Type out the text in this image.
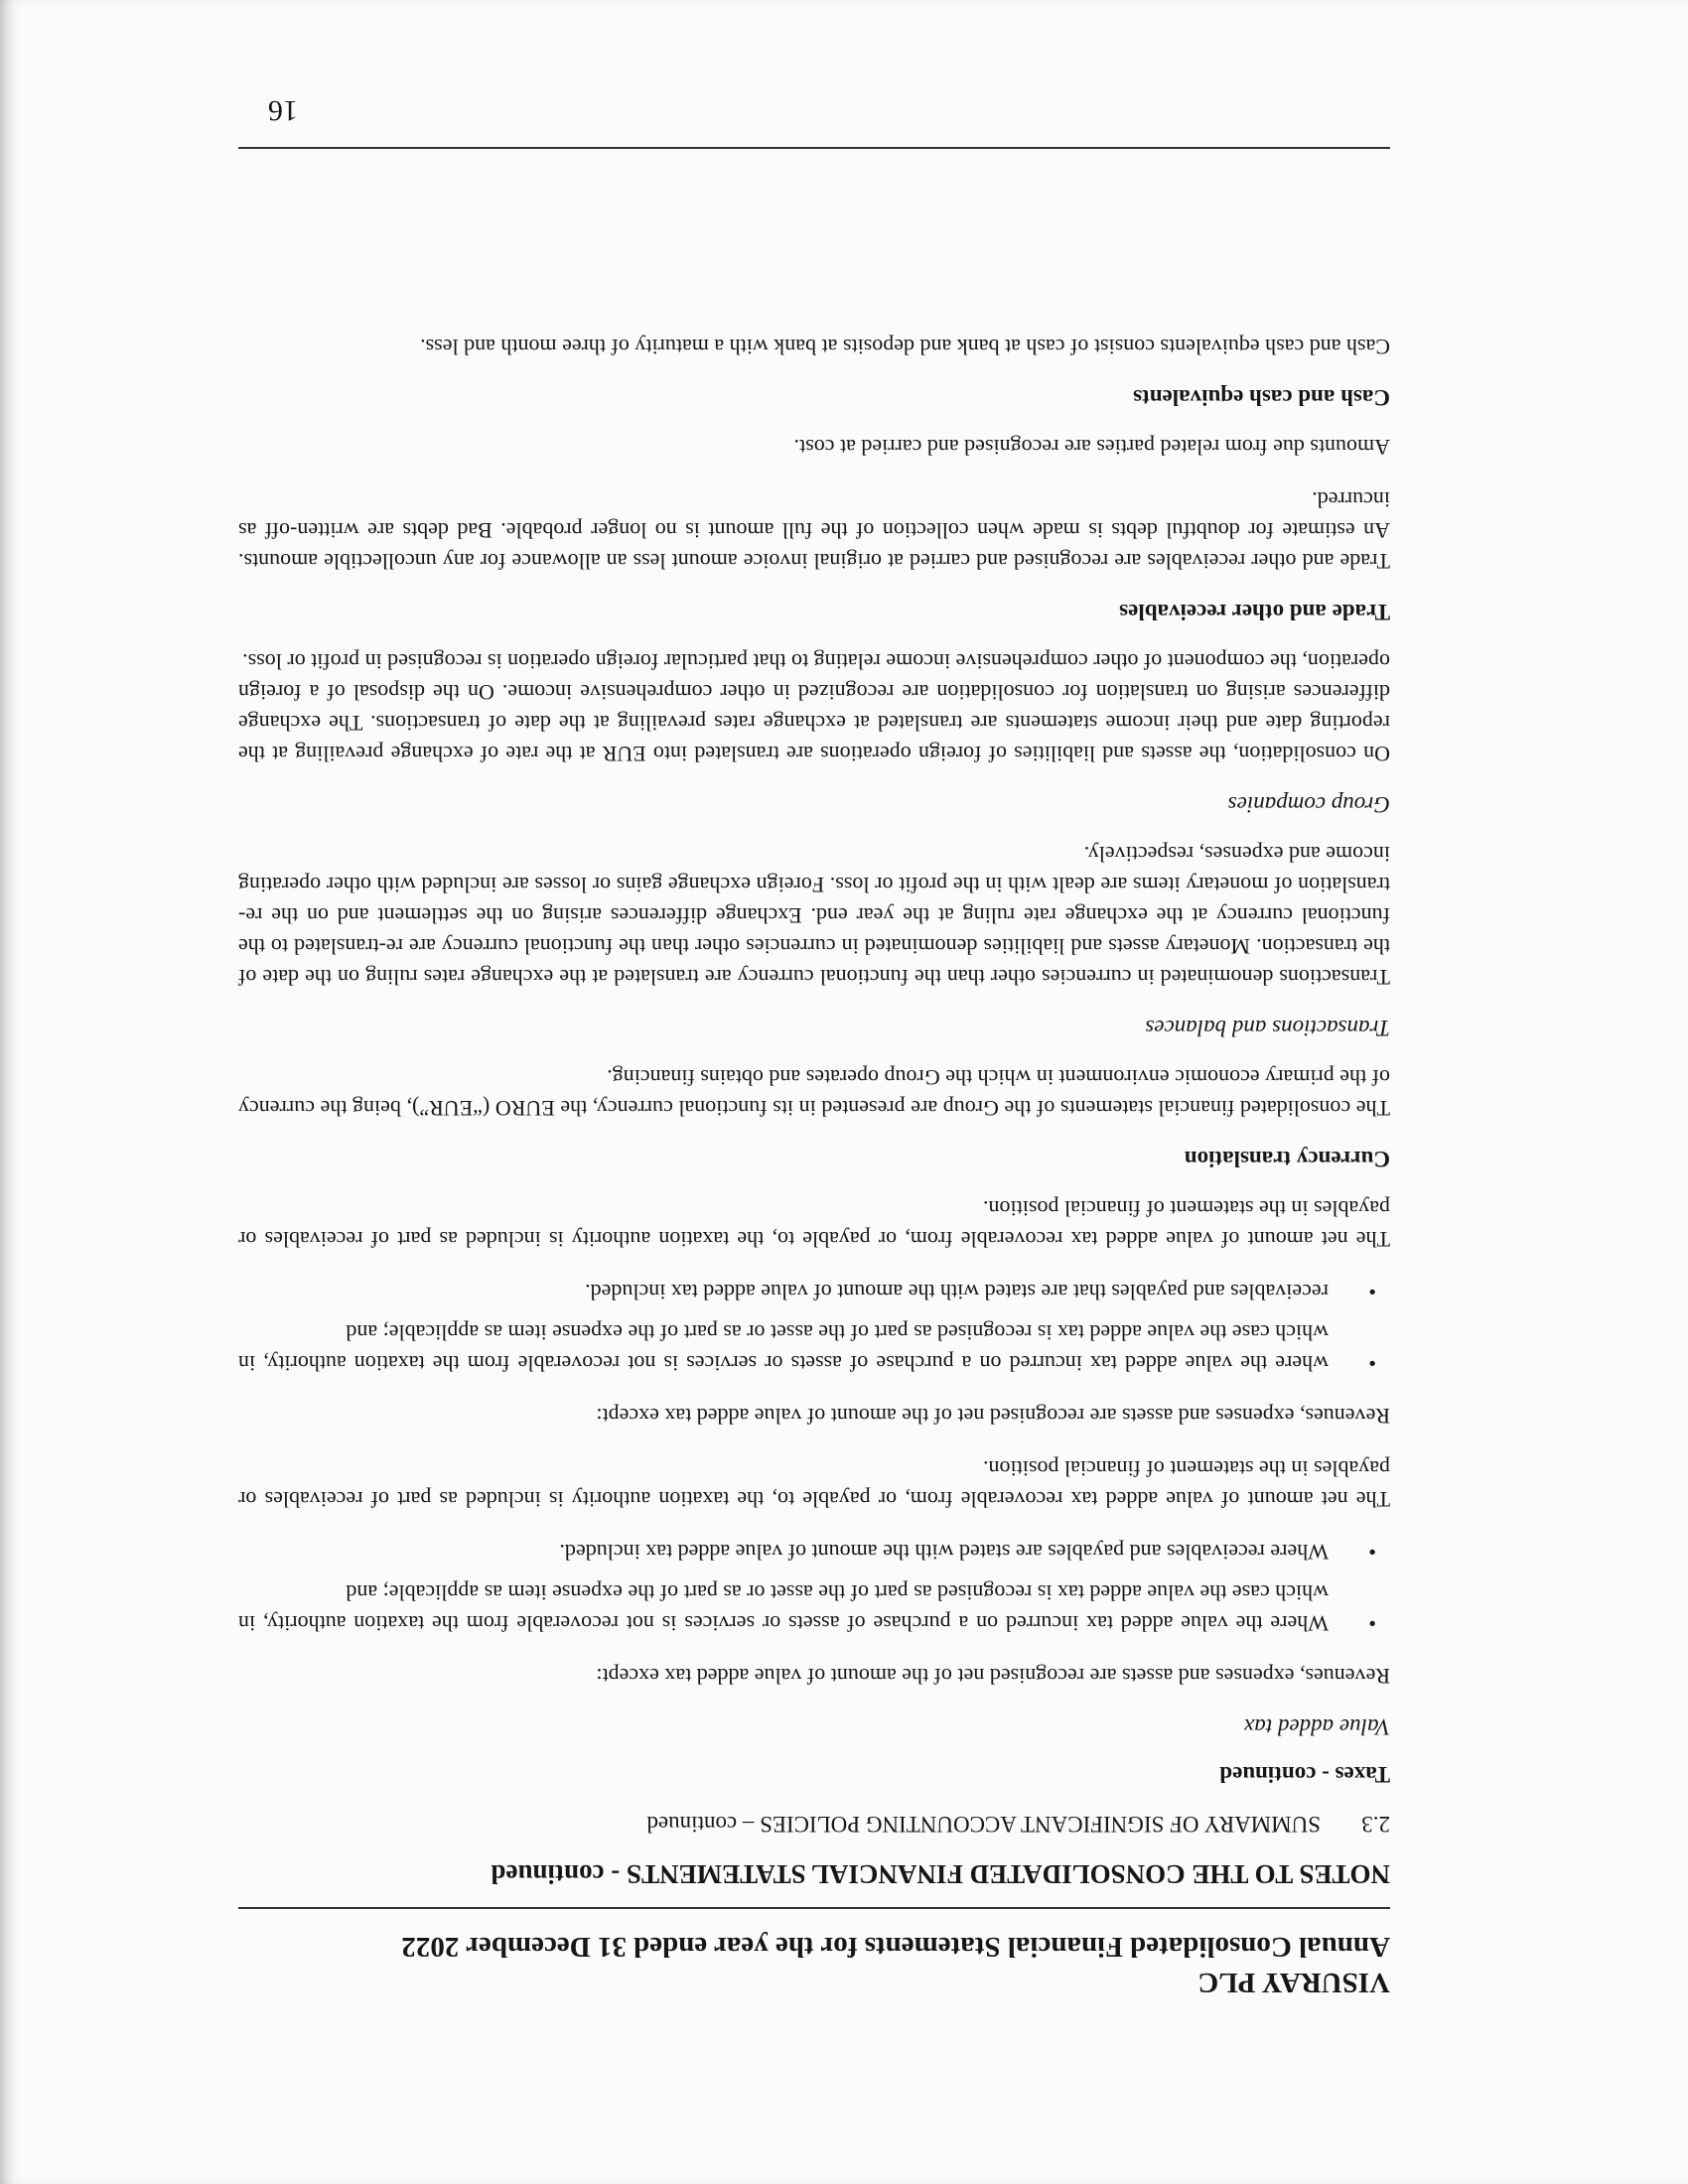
VISURAY PLC

Annual Consolidated Financial Statements for the year ended 31 December 2022

NOTES TO THE CONSOLIDATED FINANCIAL STATEMENTS - continued

2.3
SUMMARY OF SIGNIFICANT ACCOUNTING POLICIES – continued

Taxes - continued

Value added tax

Revenues, expenses and assets are recognised net of the amount of value added tax except:

•
Where the value added tax incurred on a purchase of assets or services is not recoverable from the taxation authority, in which case the value added tax is recognised as part of the asset or as part of the expense item as applicable; and
•
Where receivables and payables are stated with the amount of value added tax included.

The net amount of value added tax recoverable from, or payable to, the taxation authority is included as part of receivables or payables in the statement of financial position.

Revenues, expenses and assets are recognised net of the amount of value added tax except:

•
where the value added tax incurred on a purchase of assets or services is not recoverable from the taxation authority, in which case the value added tax is recognised as part of the asset or as part of the expense item as applicable; and
•
receivables and payables that are stated with the amount of value added tax included.

The net amount of value added tax recoverable from, or payable to, the taxation authority is included as part of receivables or payables in the statement of financial position.

Currency translation

The consolidated financial statements of the Group are presented in its functional currency, the EURO (“EUR”), being the currency of the primary economic environment in which the Group operates and obtains financing.

Transactions and balances

Transactions denominated in currencies other than the functional currency are translated at the exchange rates ruling on the date of the transaction. Monetary assets and liabilities denominated in currencies other than the functional currency are re-translated to the functional currency at the exchange rate ruling at the year end. Exchange differences arising on the settlement and on the re-translation of monetary items are dealt with in the profit or loss. Foreign exchange gains or losses are included with other operating income and expenses, respectively.

Group companies

On consolidation, the assets and liabilities of foreign operations are translated into EUR at the rate of exchange prevailing at the reporting date and their income statements are translated at exchange rates prevailing at the date of transactions. The exchange differences arising on translation for consolidation are recognized in other comprehensive income. On the disposal of a foreign operation, the component of other comprehensive income relating to that particular foreign operation is recognised in profit or loss.

Trade and other receivables

Trade and other receivables are recognised and carried at original invoice amount less an allowance for any uncollectible amounts. An estimate for doubtful debts is made when collection of the full amount is no longer probable. Bad debts are written-off as incurred.

Amounts due from related parties are recognised and carried at cost.

Cash and cash equivalents

Cash and cash equivalents consist of cash at bank and deposits at bank with a maturity of three month and less.

16
